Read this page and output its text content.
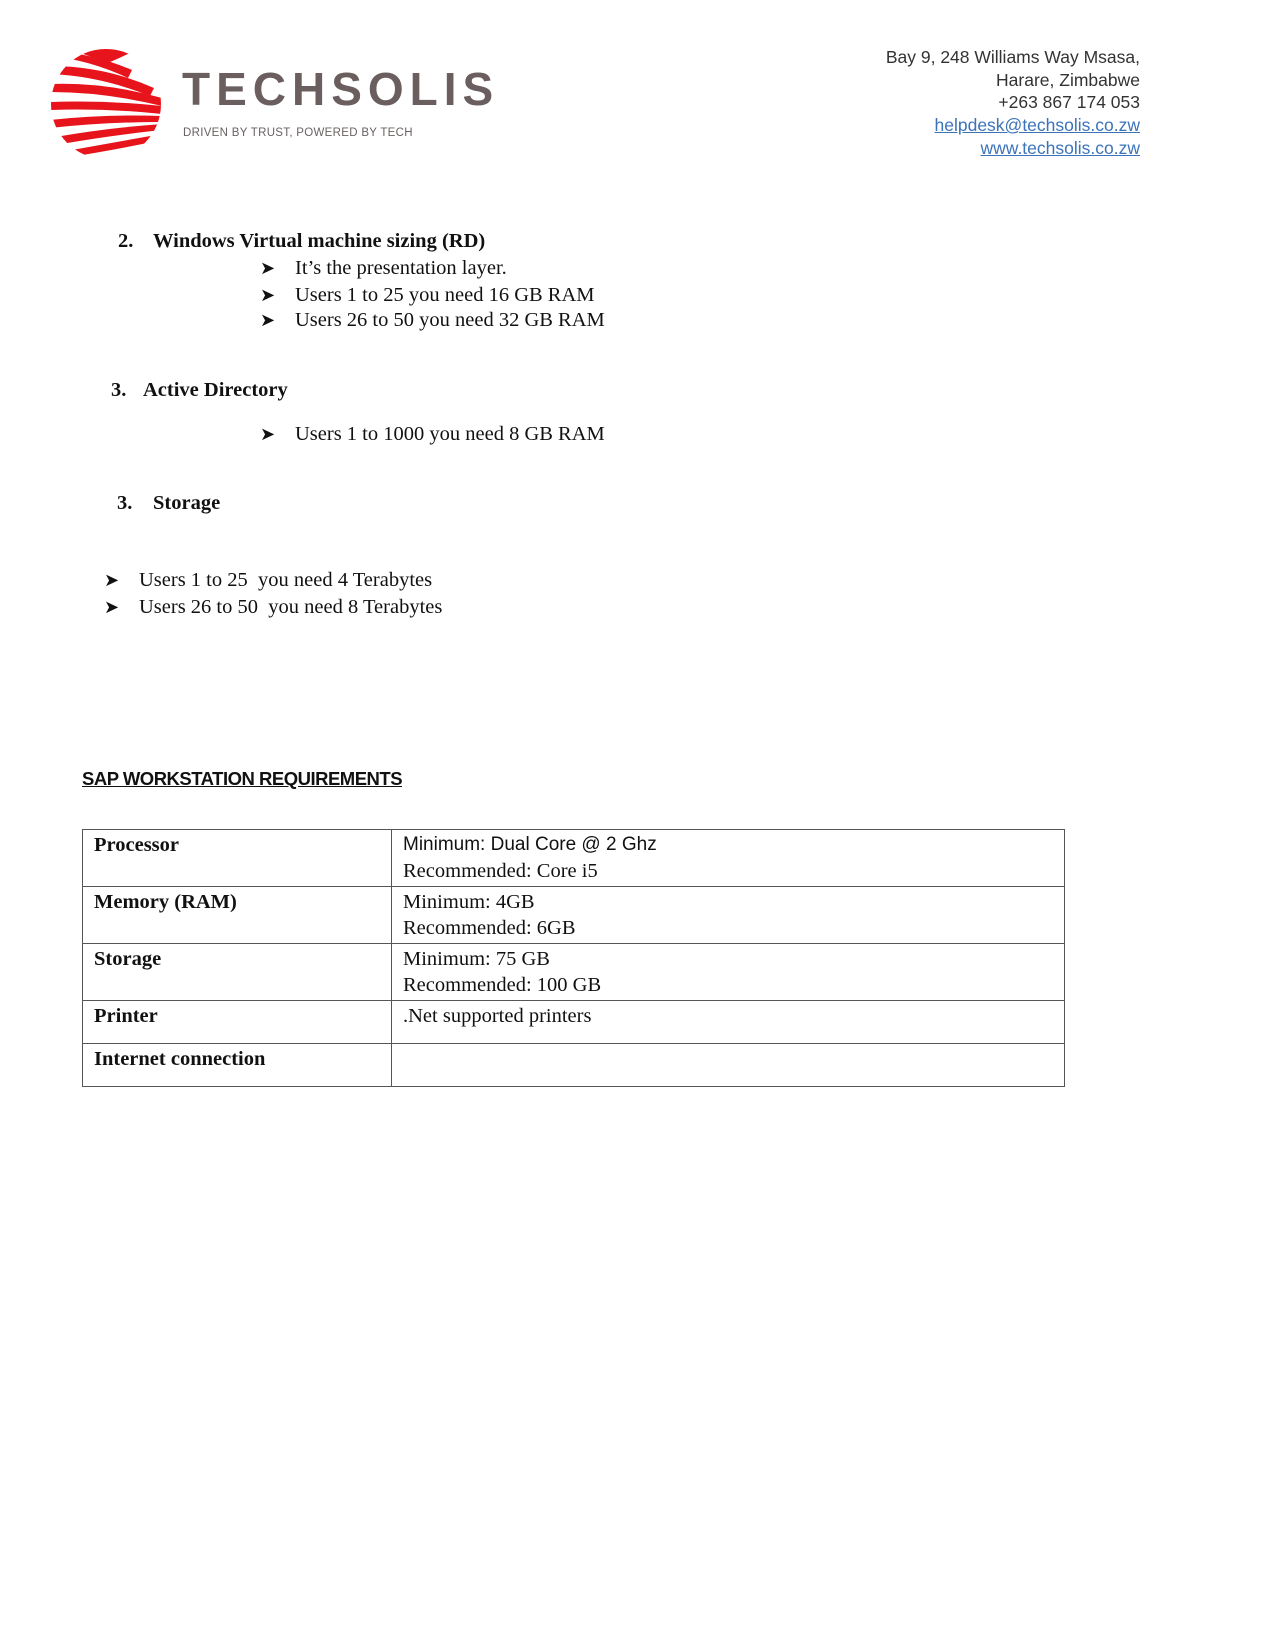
TECHSOLIS
DRIVEN BY TRUST, POWERED BY TECH
Bay 9, 248 Williams Way Msasa,
Harare, Zimbabwe
+263 867 174 053
helpdesk@techsolis.co.zw
www.techsolis.co.zw
2. Windows Virtual machine sizing (RD)
➤ It’s the presentation layer.
➤ Users 1 to 25 you need 16 GB RAM
➤ Users 26 to 50 you need 32 GB RAM
3. Active Directory
➤ Users 1 to 1000 you need 8 GB RAM
3. Storage
➤ Users 1 to 25  you need 4 Terabytes
➤ Users 26 to 50  you need 8 Terabytes
SAP WORKSTATION REQUIREMENTS
Processor	Minimum: Dual Core @ 2 Ghz
Recommended: Core i5

Memory (RAM)	Minimum: 4GB
Recommended: 6GB

Storage	Minimum: 75 GB
Recommended: 100 GB

Printer	.Net supported printers

Internet connection	
